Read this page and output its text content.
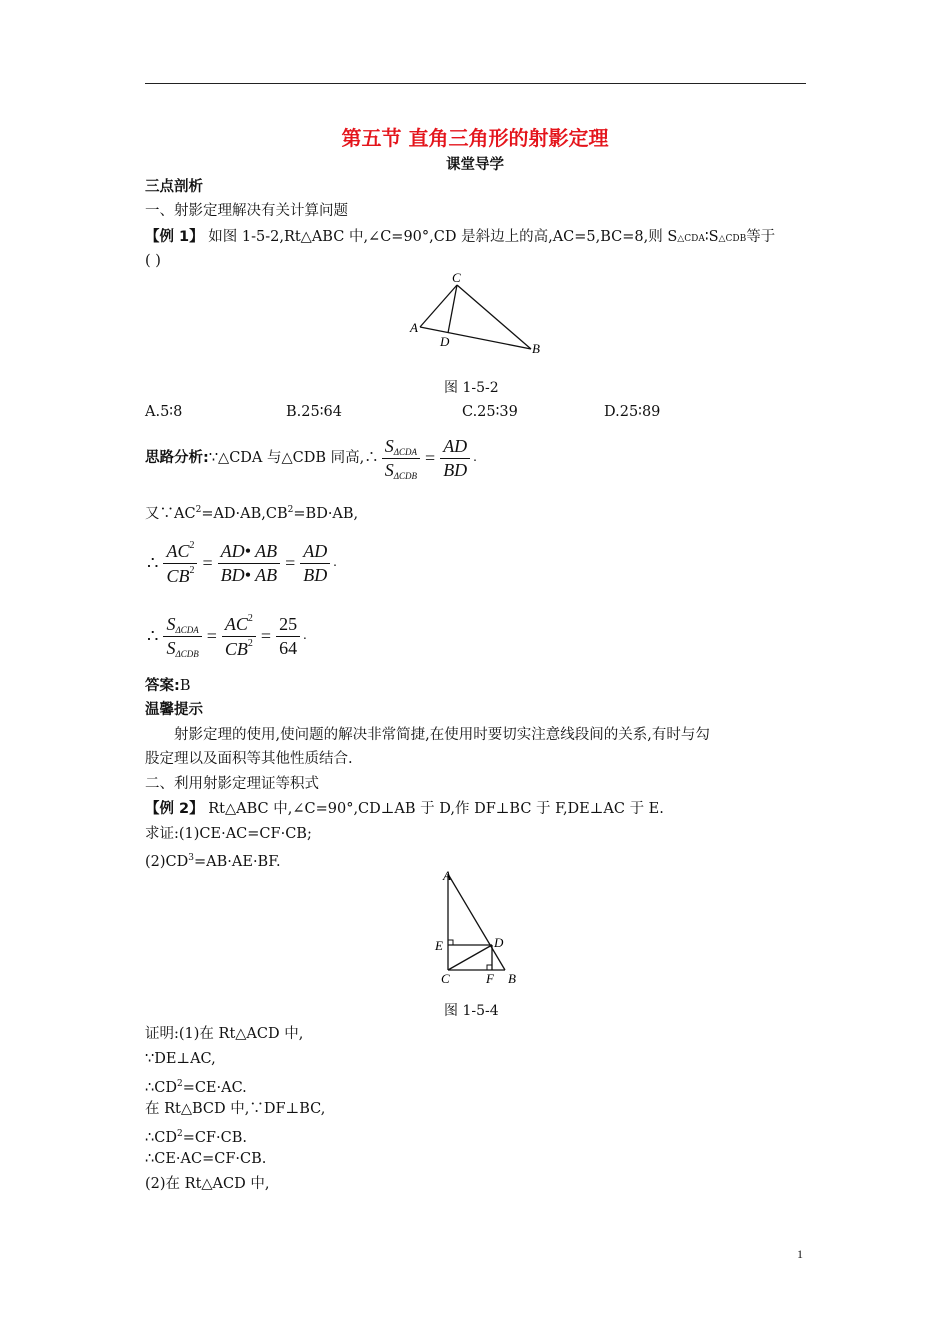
第五节 直角三角形的射影定理
课堂导学
三点剖析
一、射影定理解决有关计算问题
【例 1】 如图 1-5-2,Rt△ABC 中,∠C=90°,CD 是斜边上的高,AC=5,BC=8,则 S△CDA∶S△CDB等于
( )
A
B
C
D
图 1-5-2
A.5∶8	B.25∶64	C.25∶39	D.25∶89
思路分析: ∵△CDA 与△CDB 同高,∴ $\frac{S_{\Delta CDA}}{S_{\Delta CDB}} = \frac{AD}{BD}$ .
又$\because AC^2=AD\cdot AB,CB^2=BD\cdot AB$,
∴ $\frac{AC^2}{CB^2} = \frac{AD• AB}{BD• AB} = \frac{AD}{BD}$ .
∴ $\frac{S_{\Delta CDA}}{S_{\Delta CDB}} = \frac{AC^2}{CB^2} = \frac{25}{64}$ .
答案:B
温馨提示
射影定理的使用,使问题的解决非常简捷,在使用时要切实注意线段间的关系,有时与勾
股定理以及面积等其他性质结合.
二、利用射影定理证等积式
【例 2】 Rt△ABC 中,∠C=90°,CD⊥AB 于 D,作 DF⊥BC 于 F,DE⊥AC 于 E.
求证:(1)CE·AC=CF·CB;
$(2)CD^3=AB\cdot AE\cdot BF$.
A
B
C
D
E
F
图 1-5-4
证明:(1)在 Rt△ACD 中,
∵DE⊥AC,
$\therefore CD^2=CE\cdot AC$.
在 Rt△BCD 中,∵DF⊥BC,
$\therefore CD^2=CF\cdot CB$.
∴CE·AC=CF·CB.
(2)在 Rt△ACD 中,
1
